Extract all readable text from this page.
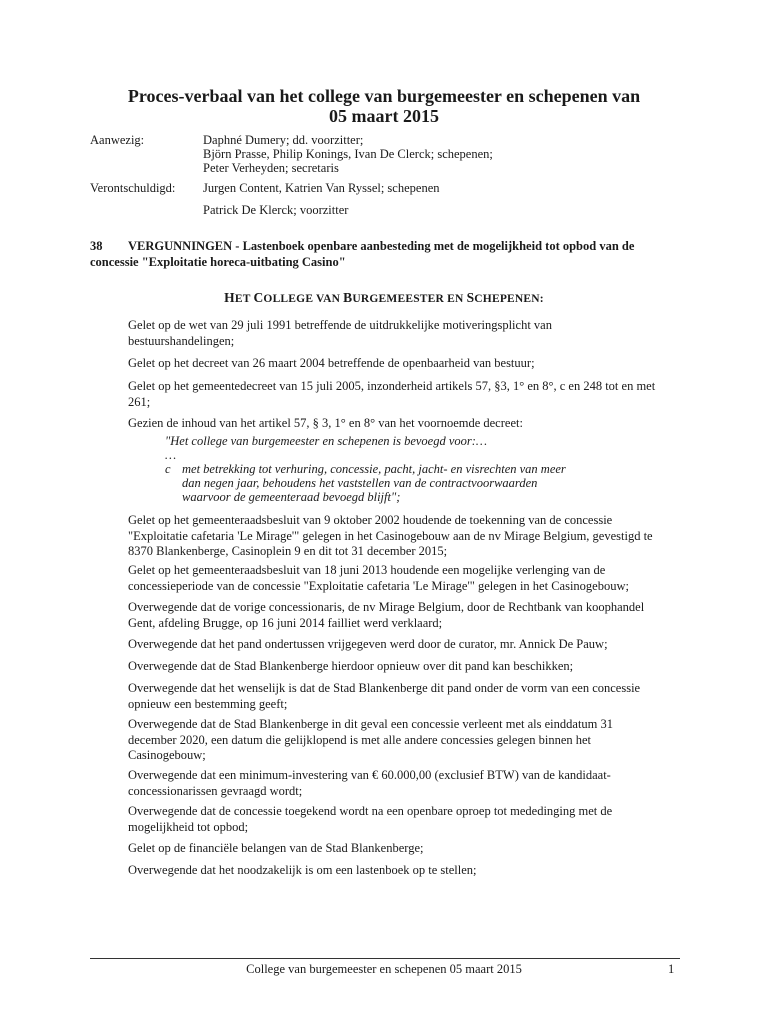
Proces-verbaal van het college van burgemeester en schepenen van
05 maart 2015
Aanwezig:	Daphné Dumery; dd. voorzitter;
Björn Prasse, Philip Konings, Ivan De Clerck; schepenen;
Peter Verheyden; secretaris
Verontschuldigd: Jurgen Content, Katrien Van Ryssel; schepenen
Patrick De Klerck; voorzitter
38 VERGUNNINGEN - Lastenboek openbare aanbesteding met de mogelijkheid tot opbod van de
concessie "Exploitatie horeca-uitbating Casino"
HET COLLEGE VAN BURGEMEESTER EN SCHEPENEN:
Gelet op de wet van 29 juli 1991 betreffende de uitdrukkelijke motiveringsplicht van
bestuurshandelingen;
Gelet op het decreet van 26 maart 2004 betreffende de openbaarheid van bestuur;
Gelet op het gemeentedecreet van 15 juli 2005, inzonderheid artikels 57, §3, 1° en 8°, c en 248 tot en met
261;
Gezien de inhoud van het artikel 57, § 3, 1° en 8° van het voornoemde decreet:
"Het college van burgemeester en schepenen is bevoegd voor:…
…
c met betrekking tot verhuring, concessie, pacht, jacht- en visrechten van meer
dan negen jaar, behoudens het vaststellen van de contractvoorwaarden
waarvoor de gemeenteraad bevoegd blijft";
Gelet op het gemeenteraadsbesluit van 9 oktober 2002 houdende de toekenning van de concessie
"Exploitatie cafetaria 'Le Mirage'" gelegen in het Casinogebouw aan de nv Mirage Belgium, gevestigd te
8370 Blankenberge, Casinoplein 9 en dit tot 31 december 2015;
Gelet op het gemeenteraadsbesluit van 18 juni 2013 houdende een mogelijke verlenging van de
concessieperiode van de concessie "Exploitatie cafetaria 'Le Mirage'" gelegen in het Casinogebouw;
Overwegende dat de vorige concessionaris, de nv Mirage Belgium, door de Rechtbank van koophandel
Gent, afdeling Brugge, op 16 juni 2014 failliet werd verklaard;
Overwegende dat het pand ondertussen vrijgegeven werd door de curator, mr. Annick De Pauw;
Overwegende dat de Stad Blankenberge hierdoor opnieuw over dit pand kan beschikken;
Overwegende dat het wenselijk is dat de Stad Blankenberge dit pand onder de vorm van een concessie
opnieuw een bestemming geeft;
Overwegende dat de Stad Blankenberge in dit geval een concessie verleent met als einddatum 31
december 2020, een datum die gelijklopend is met alle andere concessies gelegen binnen het
Casinogebouw;
Overwegende dat een minimum-investering van € 60.000,00 (exclusief BTW) van de kandidaat-
concessionarissen gevraagd wordt;
Overwegende dat de concessie toegekend wordt na een openbare oproep tot mededinging met de
mogelijkheid tot opbod;
Gelet op de financiële belangen van de Stad Blankenberge;
Overwegende dat het noodzakelijk is om een lastenboek op te stellen;
College van burgemeester en schepenen 05 maart 2015	1
